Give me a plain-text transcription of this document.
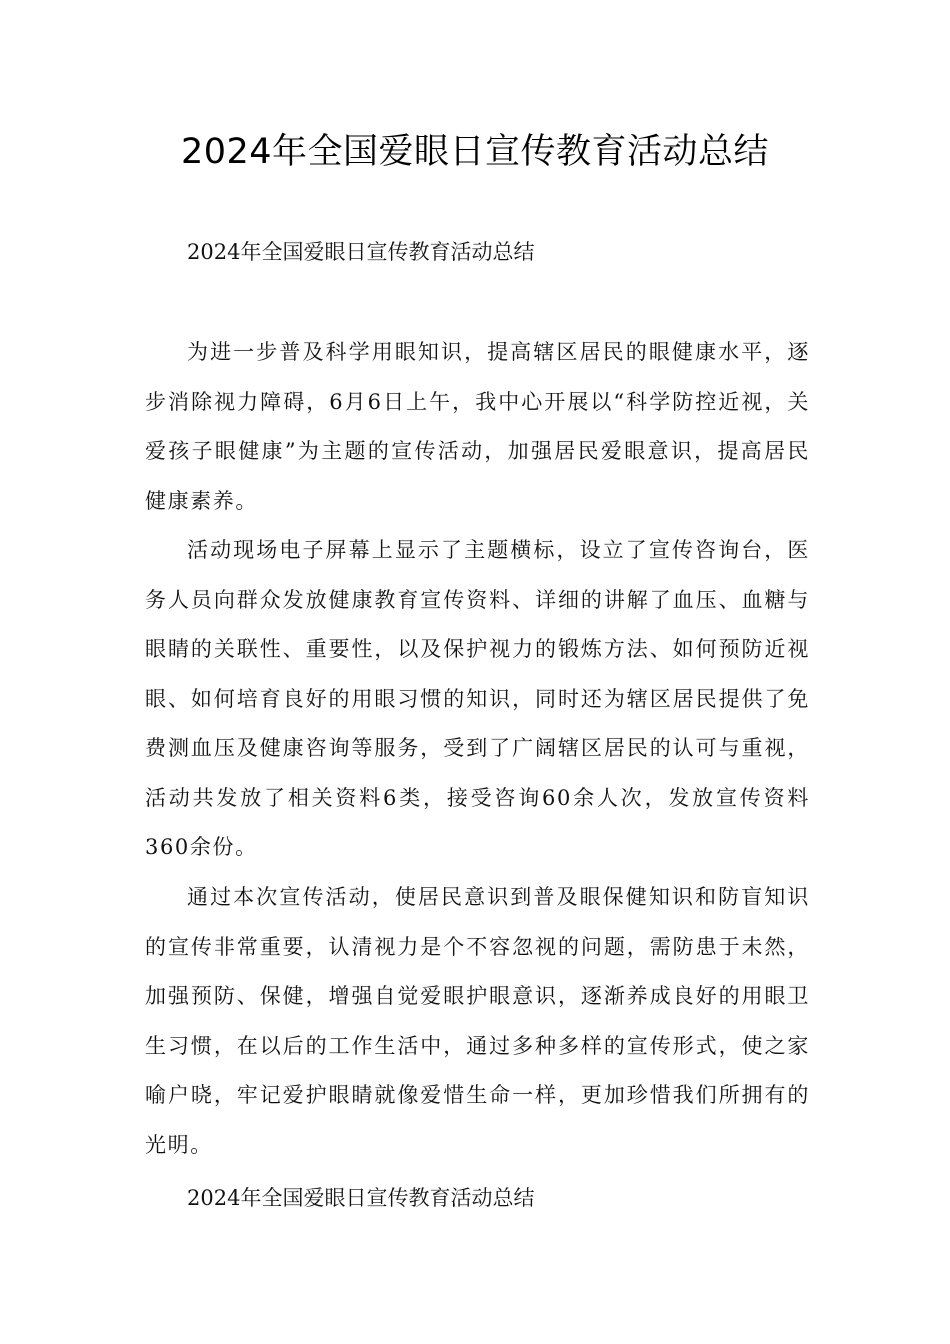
2024年全国爱眼日宣传教育活动总结

2024年全国爱眼日宣传教育活动总结

为进一步普及科学用眼知识，提高辖区居民的眼健康水平，逐步消除视力障碍，6月6日上午，我中心开展以“科学防控近视，关爱孩子眼健康”为主题的宣传活动，加强居民爱眼意识，提高居民健康素养。

活动现场电子屏幕上显示了主题横标，设立了宣传咨询台，医务人员向群众发放健康教育宣传资料、详细的讲解了血压、血糖与眼睛的关联性、重要性，以及保护视力的锻炼方法、如何预防近视眼、如何培育良好的用眼习惯的知识，同时还为辖区居民提供了免费测血压及健康咨询等服务，受到了广阔辖区居民的认可与重视，活动共发放了相关资料6类，接受咨询60余人次，发放宣传资料360余份。

通过本次宣传活动，使居民意识到普及眼保健知识和防盲知识的宣传非常重要，认清视力是个不容忽视的问题，需防患于未然，加强预防、保健，增强自觉爱眼护眼意识，逐渐养成良好的用眼卫生习惯，在以后的工作生活中，通过多种多样的宣传形式，使之家喻户晓，牢记爱护眼睛就像爱惜生命一样，更加珍惜我们所拥有的光明。

2024年全国爱眼日宣传教育活动总结
